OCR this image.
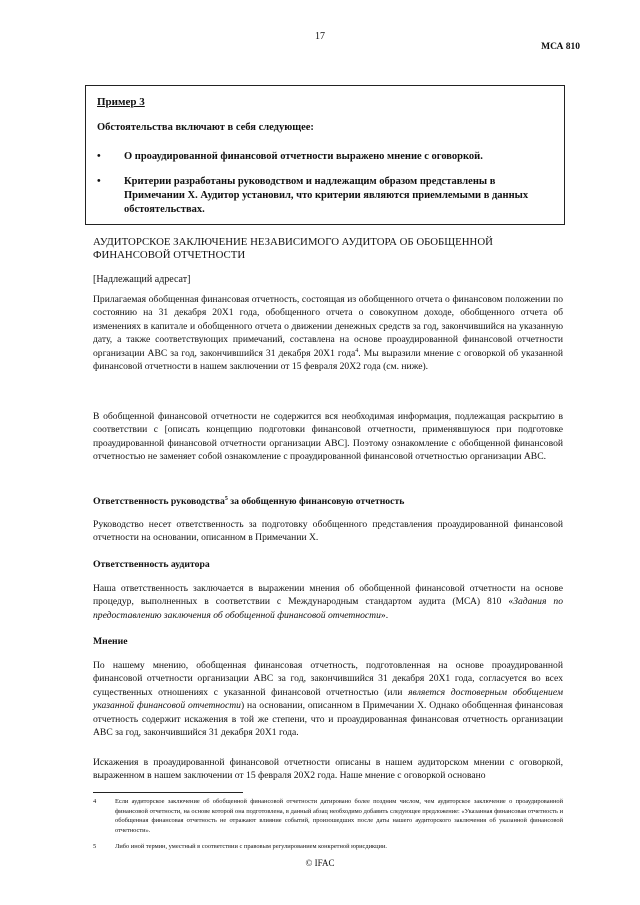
17
МСА 810
Пример 3
Обстоятельства включают в себя следующее:
• О проаудированной финансовой отчетности выражено мнение с оговоркой.
• Критерии разработаны руководством и надлежащим образом представлены в Примечании X. Аудитор установил, что критерии являются приемлемыми в данных обстоятельствах.
АУДИТОРСКОЕ ЗАКЛЮЧЕНИЕ НЕЗАВИСИМОГО АУДИТОРА ОБ ОБОБЩЕННОЙ ФИНАНСОВОЙ ОТЧЕТНОСТИ
[Надлежащий адресат]
Прилагаемая обобщенная финансовая отчетность, состоящая из обобщенного отчета о финансовом положении по состоянию на 31 декабря 20X1 года, обобщенного отчета о совокупном доходе, обобщенного отчета об изменениях в капитале и обобщенного отчета о движении денежных средств за год, закончившийся на указанную дату, а также соответствующих примечаний, составлена на основе проаудированной финансовой отчетности организации ABC за год, закончившийся 31 декабря 20X1 года$^4$. Мы выразили мнение с оговоркой об указанной финансовой отчетности в нашем заключении от 15 февраля 20X2 года (см. ниже).
В обобщенной финансовой отчетности не содержится вся необходимая информация, подлежащая раскрытию в соответствии с [описать концепцию подготовки финансовой отчетности, применявшуюся при подготовке проаудированной финансовой отчетности организации ABC]. Поэтому ознакомление с обобщенной финансовой отчетностью не заменяет собой ознакомление с проаудированной финансовой отчетностью организации ABC.
Ответственность руководства$^5$ за обобщенную финансовую отчетность
Руководство несет ответственность за подготовку обобщенного представления проаудированной финансовой отчетности на основании, описанном в Примечании X.
Ответственность аудитора
Наша ответственность заключается в выражении мнения об обобщенной финансовой отчетности на основе процедур, выполненных в соответствии с Международным стандартом аудита (МСА) 810 «Задания по предоставлению заключения об обобщенной финансовой отчетности».
Мнение
По нашему мнению, обобщенная финансовая отчетность, подготовленная на основе проаудированной финансовой отчетности организации ABC за год, закончившийся 31 декабря 20X1 года, согласуется во всех существенных отношениях с указанной финансовой отчетностью (или является достоверным обобщением указанной финансовой отчетности) на основании, описанном в Примечании X. Однако обобщенная финансовая отчетность содержит искажения в той же степени, что и проаудированная финансовая отчетность организации ABC за год, закончившийся 31 декабря 20X1 года.
Искажения в проаудированной финансовой отчетности описаны в нашем аудиторском мнении с оговоркой, выраженном в нашем заключении от 15 февраля 20X2 года. Наше мнение с оговоркой основано
4	Если аудиторское заключение об обобщенной финансовой отчетности датировано более поздним числом, чем аудиторское заключение о проаудированной финансовой отчетности, на основе которой она подготовлена, в данный абзац необходимо добавить следующее предложение: «Указанная финансовая отчетность и обобщенная финансовая отчетность не отражают влияние событий, произошедших после даты нашего аудиторского заключения об указанной финансовой отчетности».
5	Либо иной термин, уместный в соответствии с правовым регулированием конкретной юрисдикции.
© IFAC
